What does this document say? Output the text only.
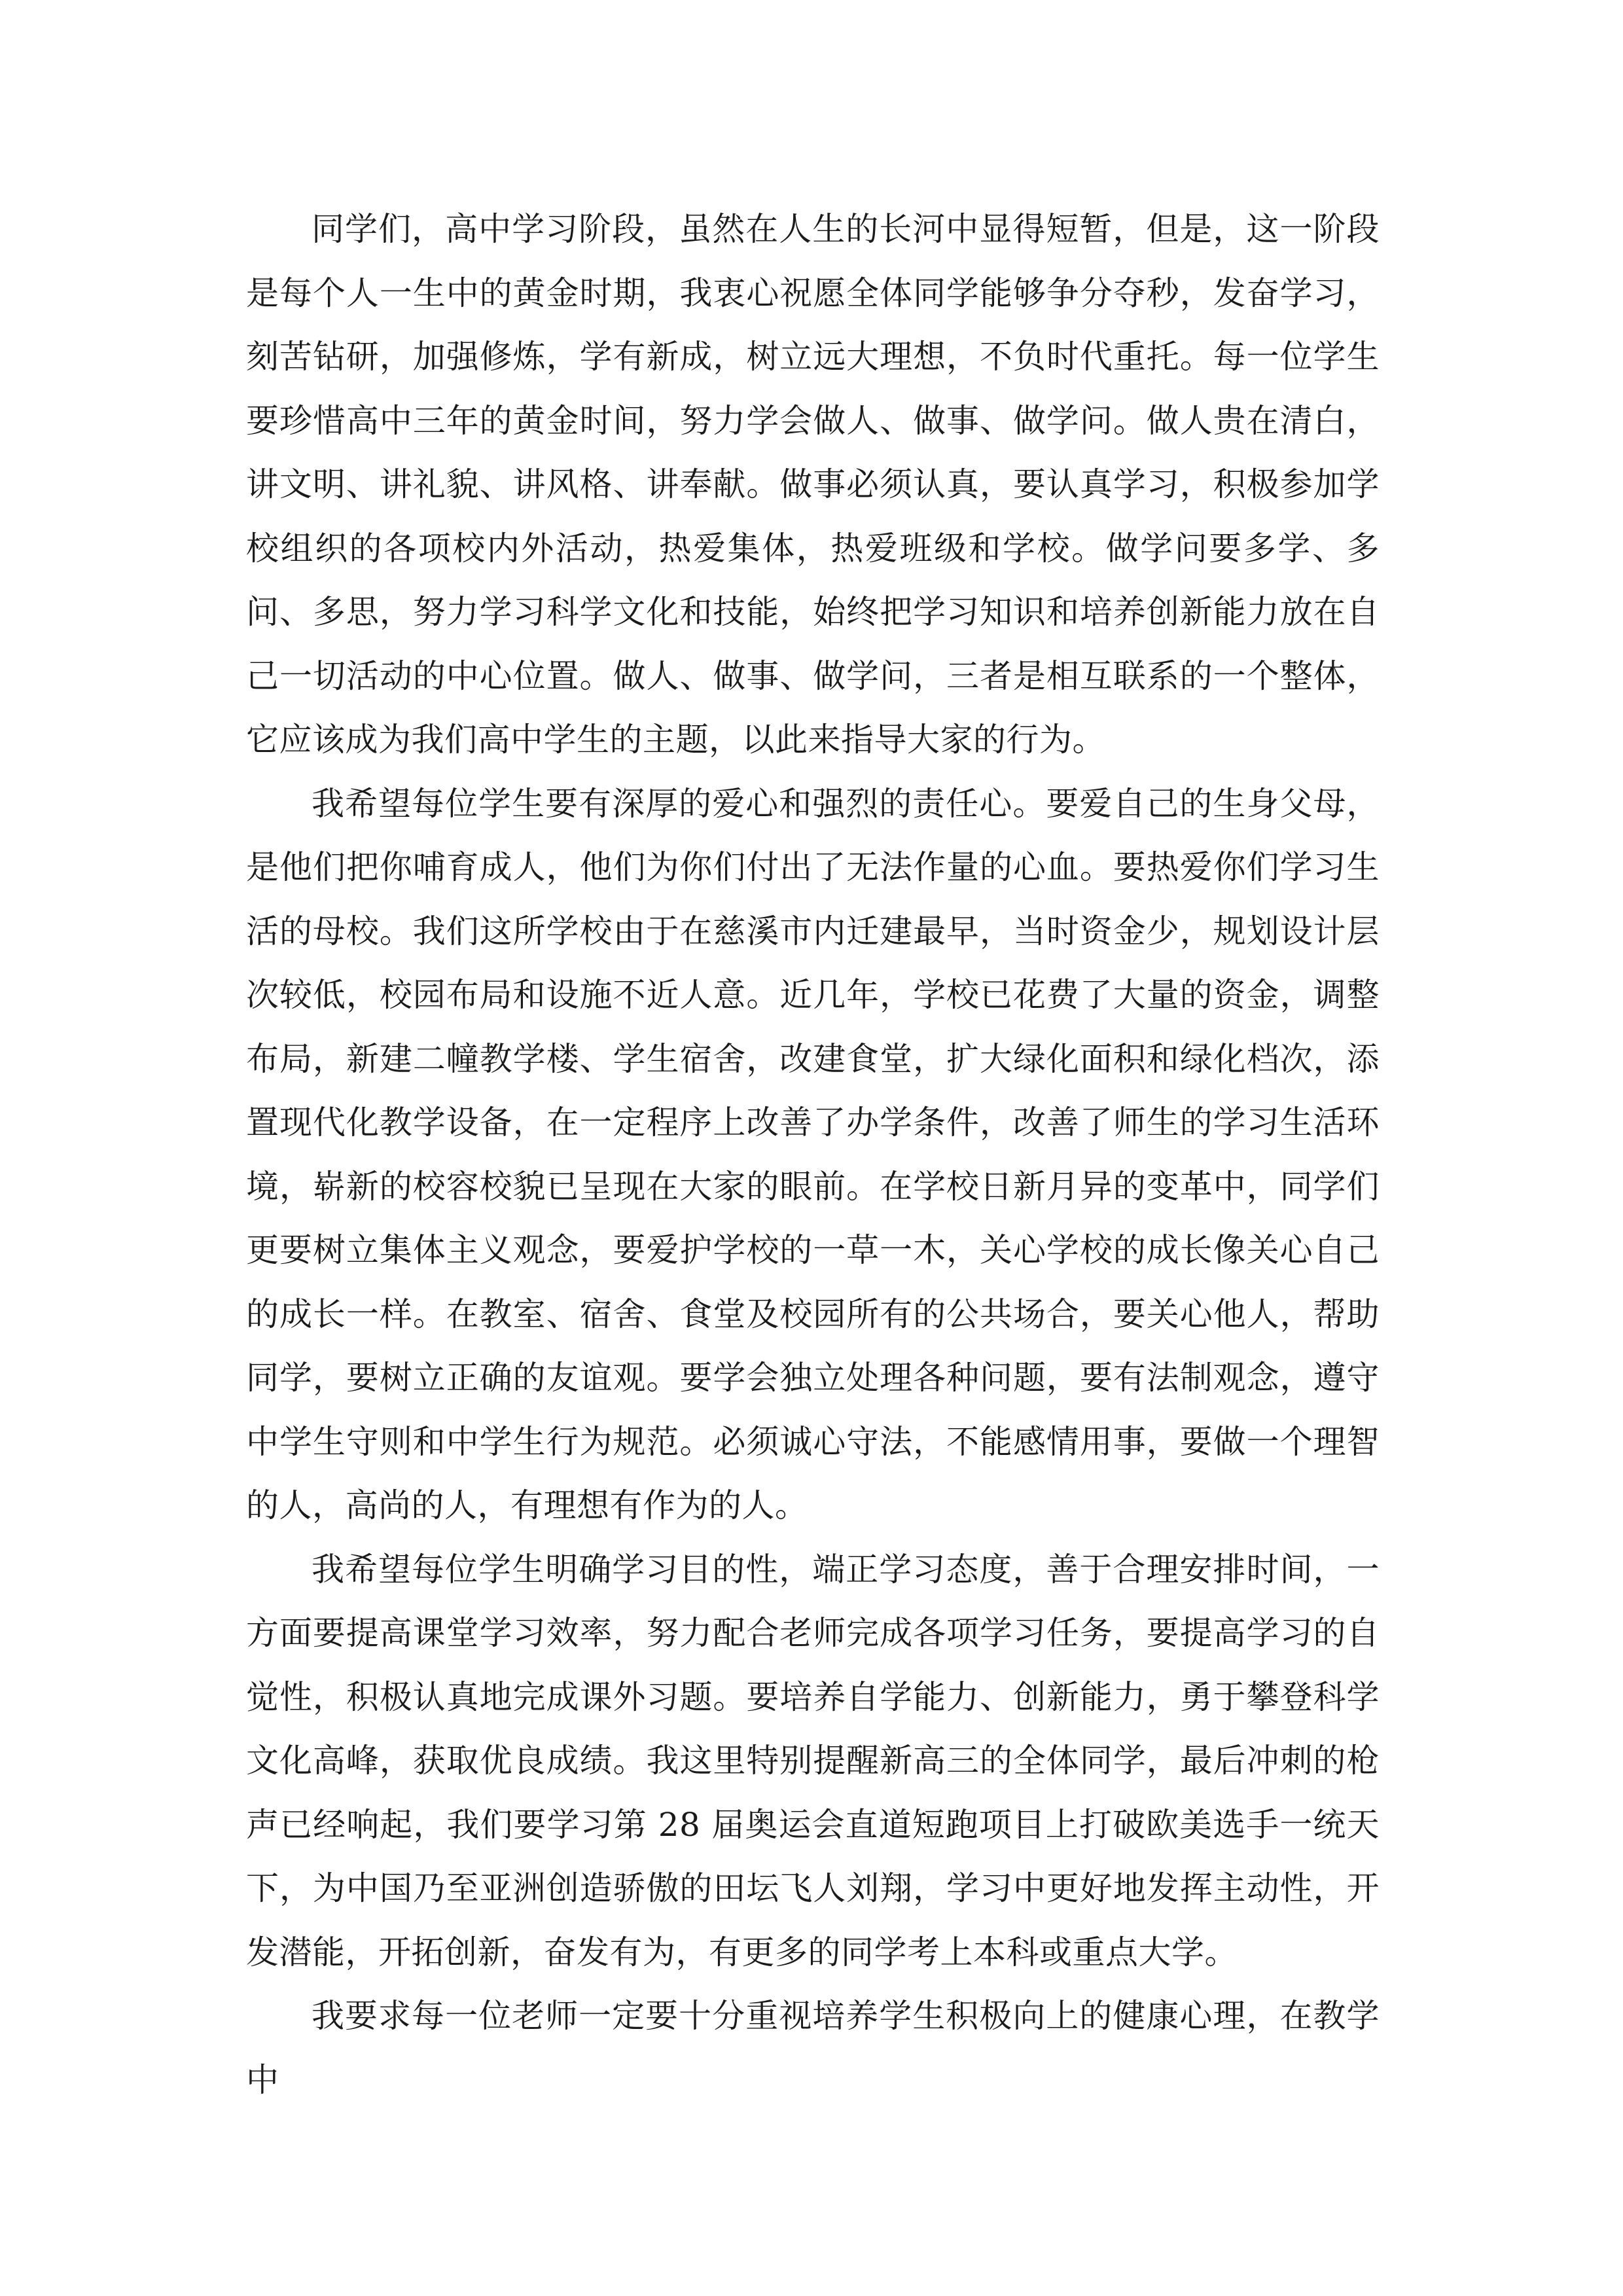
同学们，高中学习阶段，虽然在人生的长河中显得短暂，但是，这一阶段是每个人一生中的黄金时期，我衷心祝愿全体同学能够争分夺秒，发奋学习，刻苦钻研，加强修炼，学有新成，树立远大理想，不负时代重托。每一位学生要珍惜高中三年的黄金时间，努力学会做人、做事、做学问。做人贵在清白，讲文明、讲礼貌、讲风格、讲奉献。做事必须认真，要认真学习，积极参加学校组织的各项校内外活动，热爱集体，热爱班级和学校。做学问要多学、多问、多思，努力学习科学文化和技能，始终把学习知识和培养创新能力放在自己一切活动的中心位置。做人、做事、做学问，三者是相互联系的一个整体，它应该成为我们高中学生的主题，以此来指导大家的行为。

我希望每位学生要有深厚的爱心和强烈的责任心。要爱自己的生身父母，是他们把你哺育成人，他们为你们付出了无法作量的心血。要热爱你们学习生活的母校。我们这所学校由于在慈溪市内迁建最早，当时资金少，规划设计层次较低，校园布局和设施不近人意。近几年，学校已花费了大量的资金，调整布局，新建二幢教学楼、学生宿舍，改建食堂，扩大绿化面积和绿化档次，添置现代化教学设备，在一定程序上改善了办学条件，改善了师生的学习生活环境，崭新的校容校貌已呈现在大家的眼前。在学校日新月异的变革中，同学们更要树立集体主义观念，要爱护学校的一草一木，关心学校的成长像关心自己的成长一样。在教室、宿舍、食堂及校园所有的公共场合，要关心他人，帮助同学，要树立正确的友谊观。要学会独立处理各种问题，要有法制观念，遵守中学生守则和中学生行为规范。必须诚心守法，不能感情用事，要做一个理智的人，高尚的人，有理想有作为的人。

我希望每位学生明确学习目的性，端正学习态度，善于合理安排时间，一方面要提高课堂学习效率，努力配合老师完成各项学习任务，要提高学习的自觉性，积极认真地完成课外习题。要培养自学能力、创新能力，勇于攀登科学文化高峰，获取优良成绩。我这里特别提醒新高三的全体同学，最后冲刺的枪声已经响起，我们要学习第 28 届奥运会直道短跑项目上打破欧美选手一统天下，为中国乃至亚洲创造骄傲的田坛飞人刘翔，学习中更好地发挥主动性，开发潜能，开拓创新，奋发有为，有更多的同学考上本科或重点大学。

我要求每一位老师一定要十分重视培养学生积极向上的健康心理，在教学中
